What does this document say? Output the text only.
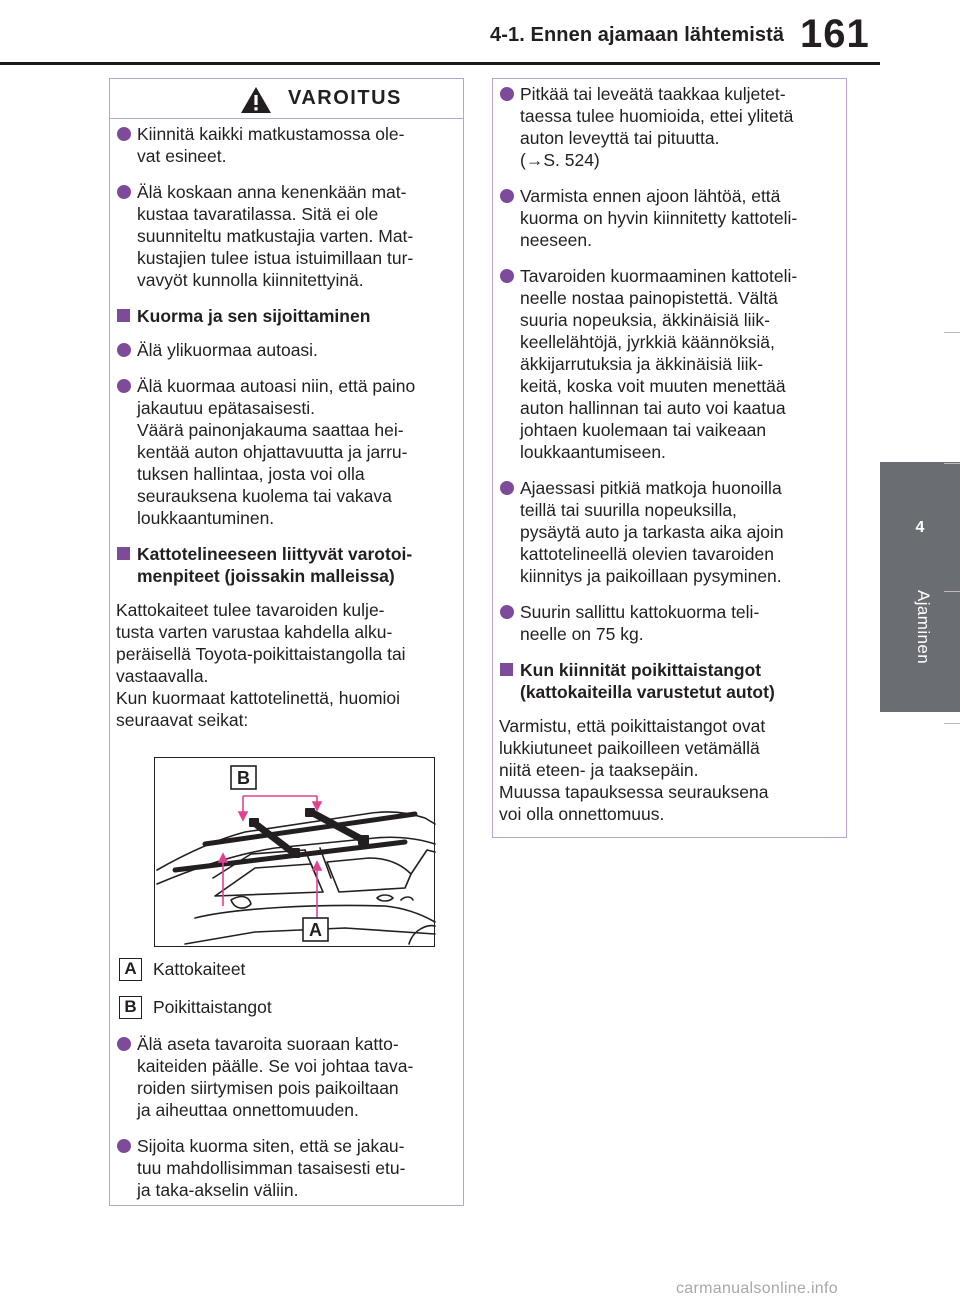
4-1. Ennen ajamaan lähtemistä 161
4
Ajaminen
VAROITUS
Kiinnitä kaikki matkustamossa ole-
vat esineet.
Älä koskaan anna kenenkään mat-
kustaa tavaratilassa. Sitä ei ole
suunniteltu matkustajia varten. Mat-
kustajien tulee istua istuimillaan tur-
vavyöt kunnolla kiinnitettyinä.
Kuorma ja sen sijoittaminen
Älä ylikuormaa autoasi.
Älä kuormaa autoasi niin, että paino
jakautuu epätasaisesti.
Väärä painonjakauma saattaa hei-
kentää auton ohjattavuutta ja jarru-
tuksen hallintaa, josta voi olla
seurauksena kuolema tai vakava
loukkaantuminen.
Kattotelineeseen liittyvät varotoi-
menpiteet (joissakin malleissa)
Kattokaiteet tulee tavaroiden kulje-
tusta varten varustaa kahdella alku-
peräisellä Toyota-poikittaistangolla tai
vastaavalla.
Kun kuormaat kattotelinettä, huomioi
seuraavat seikat:
B
A
A Kattokaiteet
B Poikittaistangot
Älä aseta tavaroita suoraan katto-
kaiteiden päälle. Se voi johtaa tava-
roiden siirtymisen pois paikoiltaan
ja aiheuttaa onnettomuuden.
Sijoita kuorma siten, että se jakau-
tuu mahdollisimman tasaisesti etu-
ja taka-akselin väliin.
Pitkää tai leveätä taakkaa kuljetet-
taessa tulee huomioida, ettei ylitetä
auton leveyttä tai pituutta.
(→S. 524)
Varmista ennen ajoon lähtöä, että
kuorma on hyvin kiinnitetty kattoteli-
neeseen.
Tavaroiden kuormaaminen kattoteli-
neelle nostaa painopistettä. Vältä
suuria nopeuksia, äkkinäisiä liik-
keellelähtöjä, jyrkkiä käännöksiä,
äkkijarrutuksia ja äkkinäisiä liik-
keitä, koska voit muuten menettää
auton hallinnan tai auto voi kaatua
johtaen kuolemaan tai vaikeaan
loukkaantumiseen.
Ajaessasi pitkiä matkoja huonoilla
teillä tai suurilla nopeuksilla,
pysäytä auto ja tarkasta aika ajoin
kattotelineellä olevien tavaroiden
kiinnitys ja paikoillaan pysyminen.
Suurin sallittu kattokuorma teli-
neelle on 75 kg.
Kun kiinnität poikittaistangot
(kattokaiteilla varustetut autot)
Varmistu, että poikittaistangot ovat
lukkiutuneet paikoilleen vetämällä
niitä eteen- ja taaksepäin.
Muussa tapauksessa seurauksena
voi olla onnettomuus.
carmanualsonline.info
